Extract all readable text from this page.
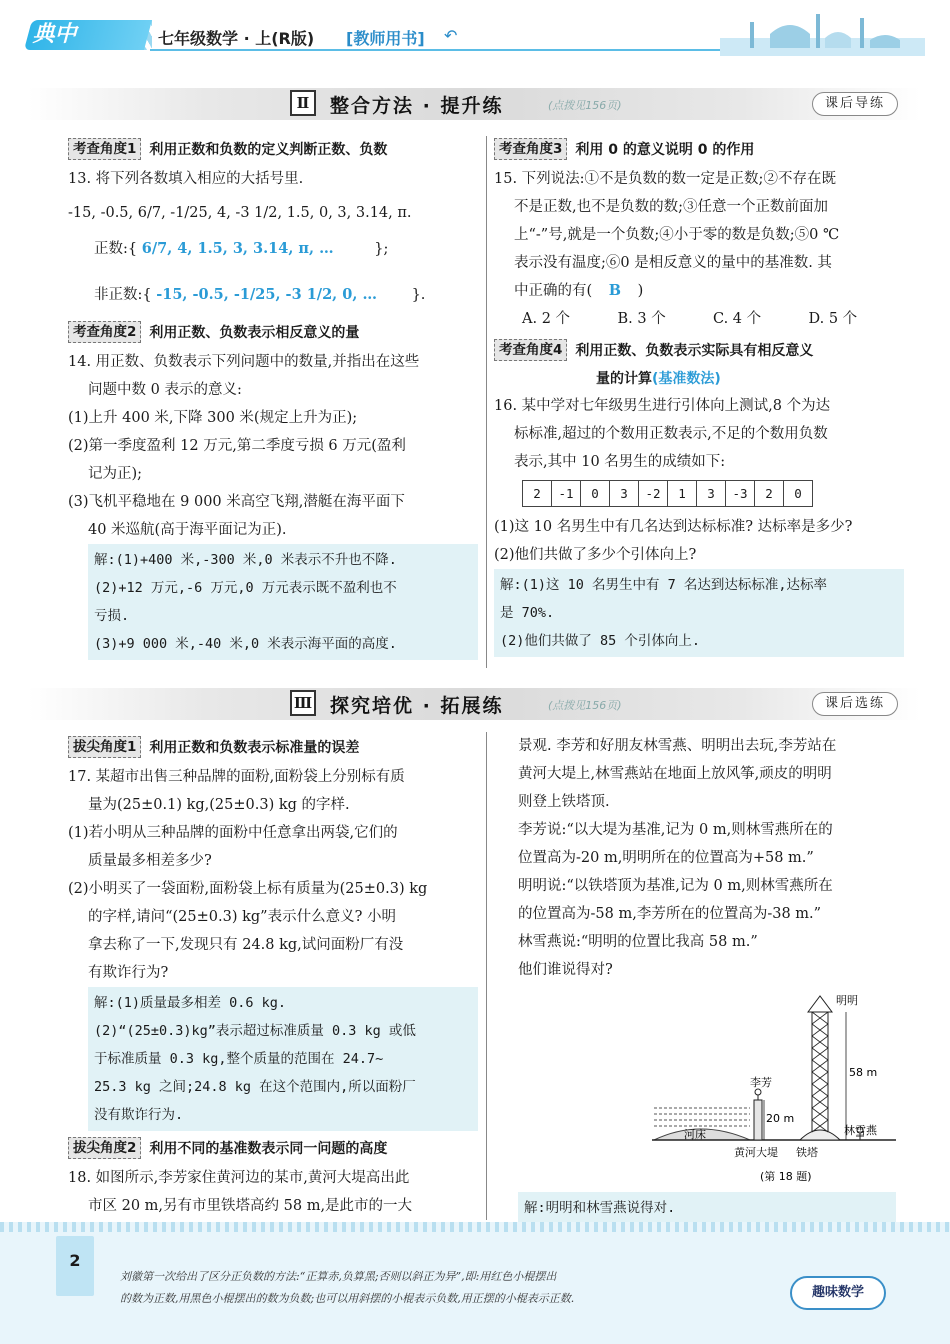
典中	七年级数学 · 上(R版) [教师用书] ↶
Ⅱ	整合方法 · 提升练	(点拨见156页)	课后导练
考查角度1 利用正数和负数的定义判断正数、负数

13. 将下列各数填入相应的大括号里.

-15, -0.5, 6/7, -1/25, 4, -3 1/2, 1.5, 0, 3, 3.14, π.

正数:{ 6/7, 4, 1.5, 3, 3.14, π, …	};

非正数:{ -15, -0.5, -1/25, -3 1/2, 0, … }.

考查角度2 利用正数、负数表示相反意义的量

14. 用正数、负数表示下列问题中的数量,并指出在这些

问题中数 0 表示的意义:

(1)上升 400 米,下降 300 米(规定上升为正);

(2)第一季度盈利 12 万元,第二季度亏损 6 万元(盈利

记为正);

(3)飞机平稳地在 9 000 米高空飞翔,潜艇在海平面下

40 米巡航(高于海平面记为正).

解:(1)+400 米,-300 米,0 米表示不升也不降.

(2)+12 万元,-6 万元,0 万元表示既不盈利也不

亏损.

(3)+9 000 米,-40 米,0 米表示海平面的高度.

考查角度3 利用 0 的意义说明 0 的作用

15. 下列说法:①不是负数的数一定是正数;②不存在既

不是正数,也不是负数的数;③任意一个正数前面加

上“-”号,就是一个负数;④小于零的数是负数;⑤0 ℃

表示没有温度;⑥0 是相反意义的量中的基准数. 其

中正确的有( B )

A. 2 个	B. 3 个	C. 4 个	D. 5 个

考查角度4 利用正数、负数表示实际具有相反意义

量的计算(基准数法)

16. 某中学对七年级男生进行引体向上测试,8 个为达

标标准,超过的个数用正数表示,不足的个数用负数

表示,其中 10 名男生的成绩如下:

2	-1	0	3	-2	1	3	-3	2	0

(1)这 10 名男生中有几名达到达标标准? 达标率是多少?

(2)他们共做了多少个引体向上?

解:(1)这 10 名男生中有 7 名达到达标标准,达标率

是 70%.

(2)他们共做了 85 个引体向上.

Ⅲ 探究培优 · 拓展练	(点拨见156页)	课后选练
拔尖角度1 利用正数和负数表示标准量的误差

17. 某超市出售三种品牌的面粉,面粉袋上分别标有质

量为(25±0.1) kg,(25±0.3) kg 的字样.

(1)若小明从三种品牌的面粉中任意拿出两袋,它们的

质量最多相差多少?

(2)小明买了一袋面粉,面粉袋上标有质量为(25±0.3) kg

的字样,请问“(25±0.3) kg”表示什么意义? 小明

拿去称了一下,发现只有 24.8 kg,试问面粉厂有没

有欺诈行为?

解:(1)质量最多相差 0.6 kg.

(2)“(25±0.3)kg”表示超过标准质量 0.3 kg 或低

于标准质量 0.3 kg,整个质量的范围在 24.7~

25.3 kg 之间;24.8 kg 在这个范围内,所以面粉厂

没有欺诈行为.

拔尖角度2 利用不同的基准数表示同一问题的高度

18. 如图所示,李芳家住黄河边的某市,黄河大堤高出此

市区 20 m,另有市里铁塔高约 58 m,是此市的一大

景观. 李芳和好朋友林雪燕、明明出去玩,李芳站在

黄河大堤上,林雪燕站在地面上放风筝,顽皮的明明

则登上铁塔顶.

李芳说:“以大堤为基准,记为 0 m,则林雪燕所在的

位置高为-20 m,明明所在的位置高为+58 m.”

明明说:“以铁塔顶为基准,记为 0 m,则林雪燕所在

的位置高为-58 m,李芳所在的位置高为-38 m.”

林雪燕说:“明明的位置比我高 58 m.”

他们谁说得对?

明明
58 m
李芳
20 m
河床	林雪燕
黄河大堤 铁塔
(第 18 题)

解:明明和林雪燕说得对.

2

刘徽第一次给出了区分正负数的方法:“正算赤,负算黑;否则以斜正为异”,即:用红色小棍摆出

的数为正数,用黑色小棍摆出的数为负数;也可以用斜摆的小棍表示负数,用正摆的小棍表示正数.	趣味数学
